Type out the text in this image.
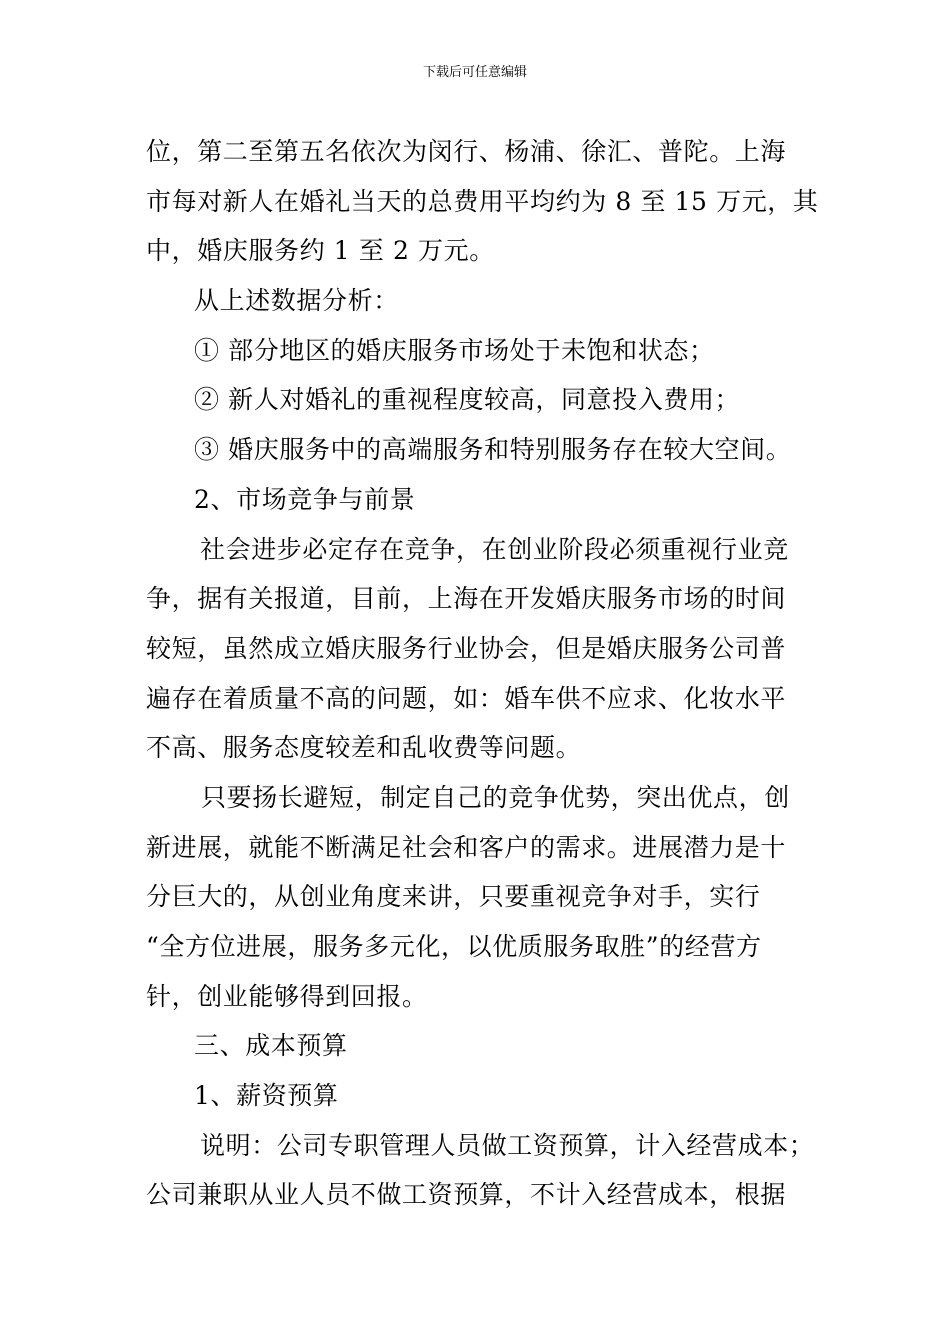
下载后可任意编辑
位，第二至第五名依次为闵行、杨浦、徐汇、普陀。上海
市每对新人在婚礼当天的总费用平均约为 8 至 15 万元，其
中，婚庆服务约 1 至 2 万元。
从上述数据分析：
① 部分地区的婚庆服务市场处于未饱和状态；
② 新人对婚礼的重视程度较高，同意投入费用；
③ 婚庆服务中的高端服务和特别服务存在较大空间。
2、市场竞争与前景
社会进步必定存在竞争，在创业阶段必须重视行业竞
争，据有关报道，目前，上海在开发婚庆服务市场的时间
较短，虽然成立婚庆服务行业协会，但是婚庆服务公司普
遍存在着质量不高的问题，如：婚车供不应求、化妆水平
不高、服务态度较差和乱收费等问题。
只要扬长避短，制定自己的竞争优势，突出优点，创
新进展，就能不断满足社会和客户的需求。进展潜力是十
分巨大的，从创业角度来讲，只要重视竞争对手，实行
“全方位进展，服务多元化，以优质服务取胜”的经营方
针，创业能够得到回报。
三、成本预算
1、薪资预算
说明：公司专职管理人员做工资预算，计入经营成本；
公司兼职从业人员不做工资预算，不计入经营成本，根据
